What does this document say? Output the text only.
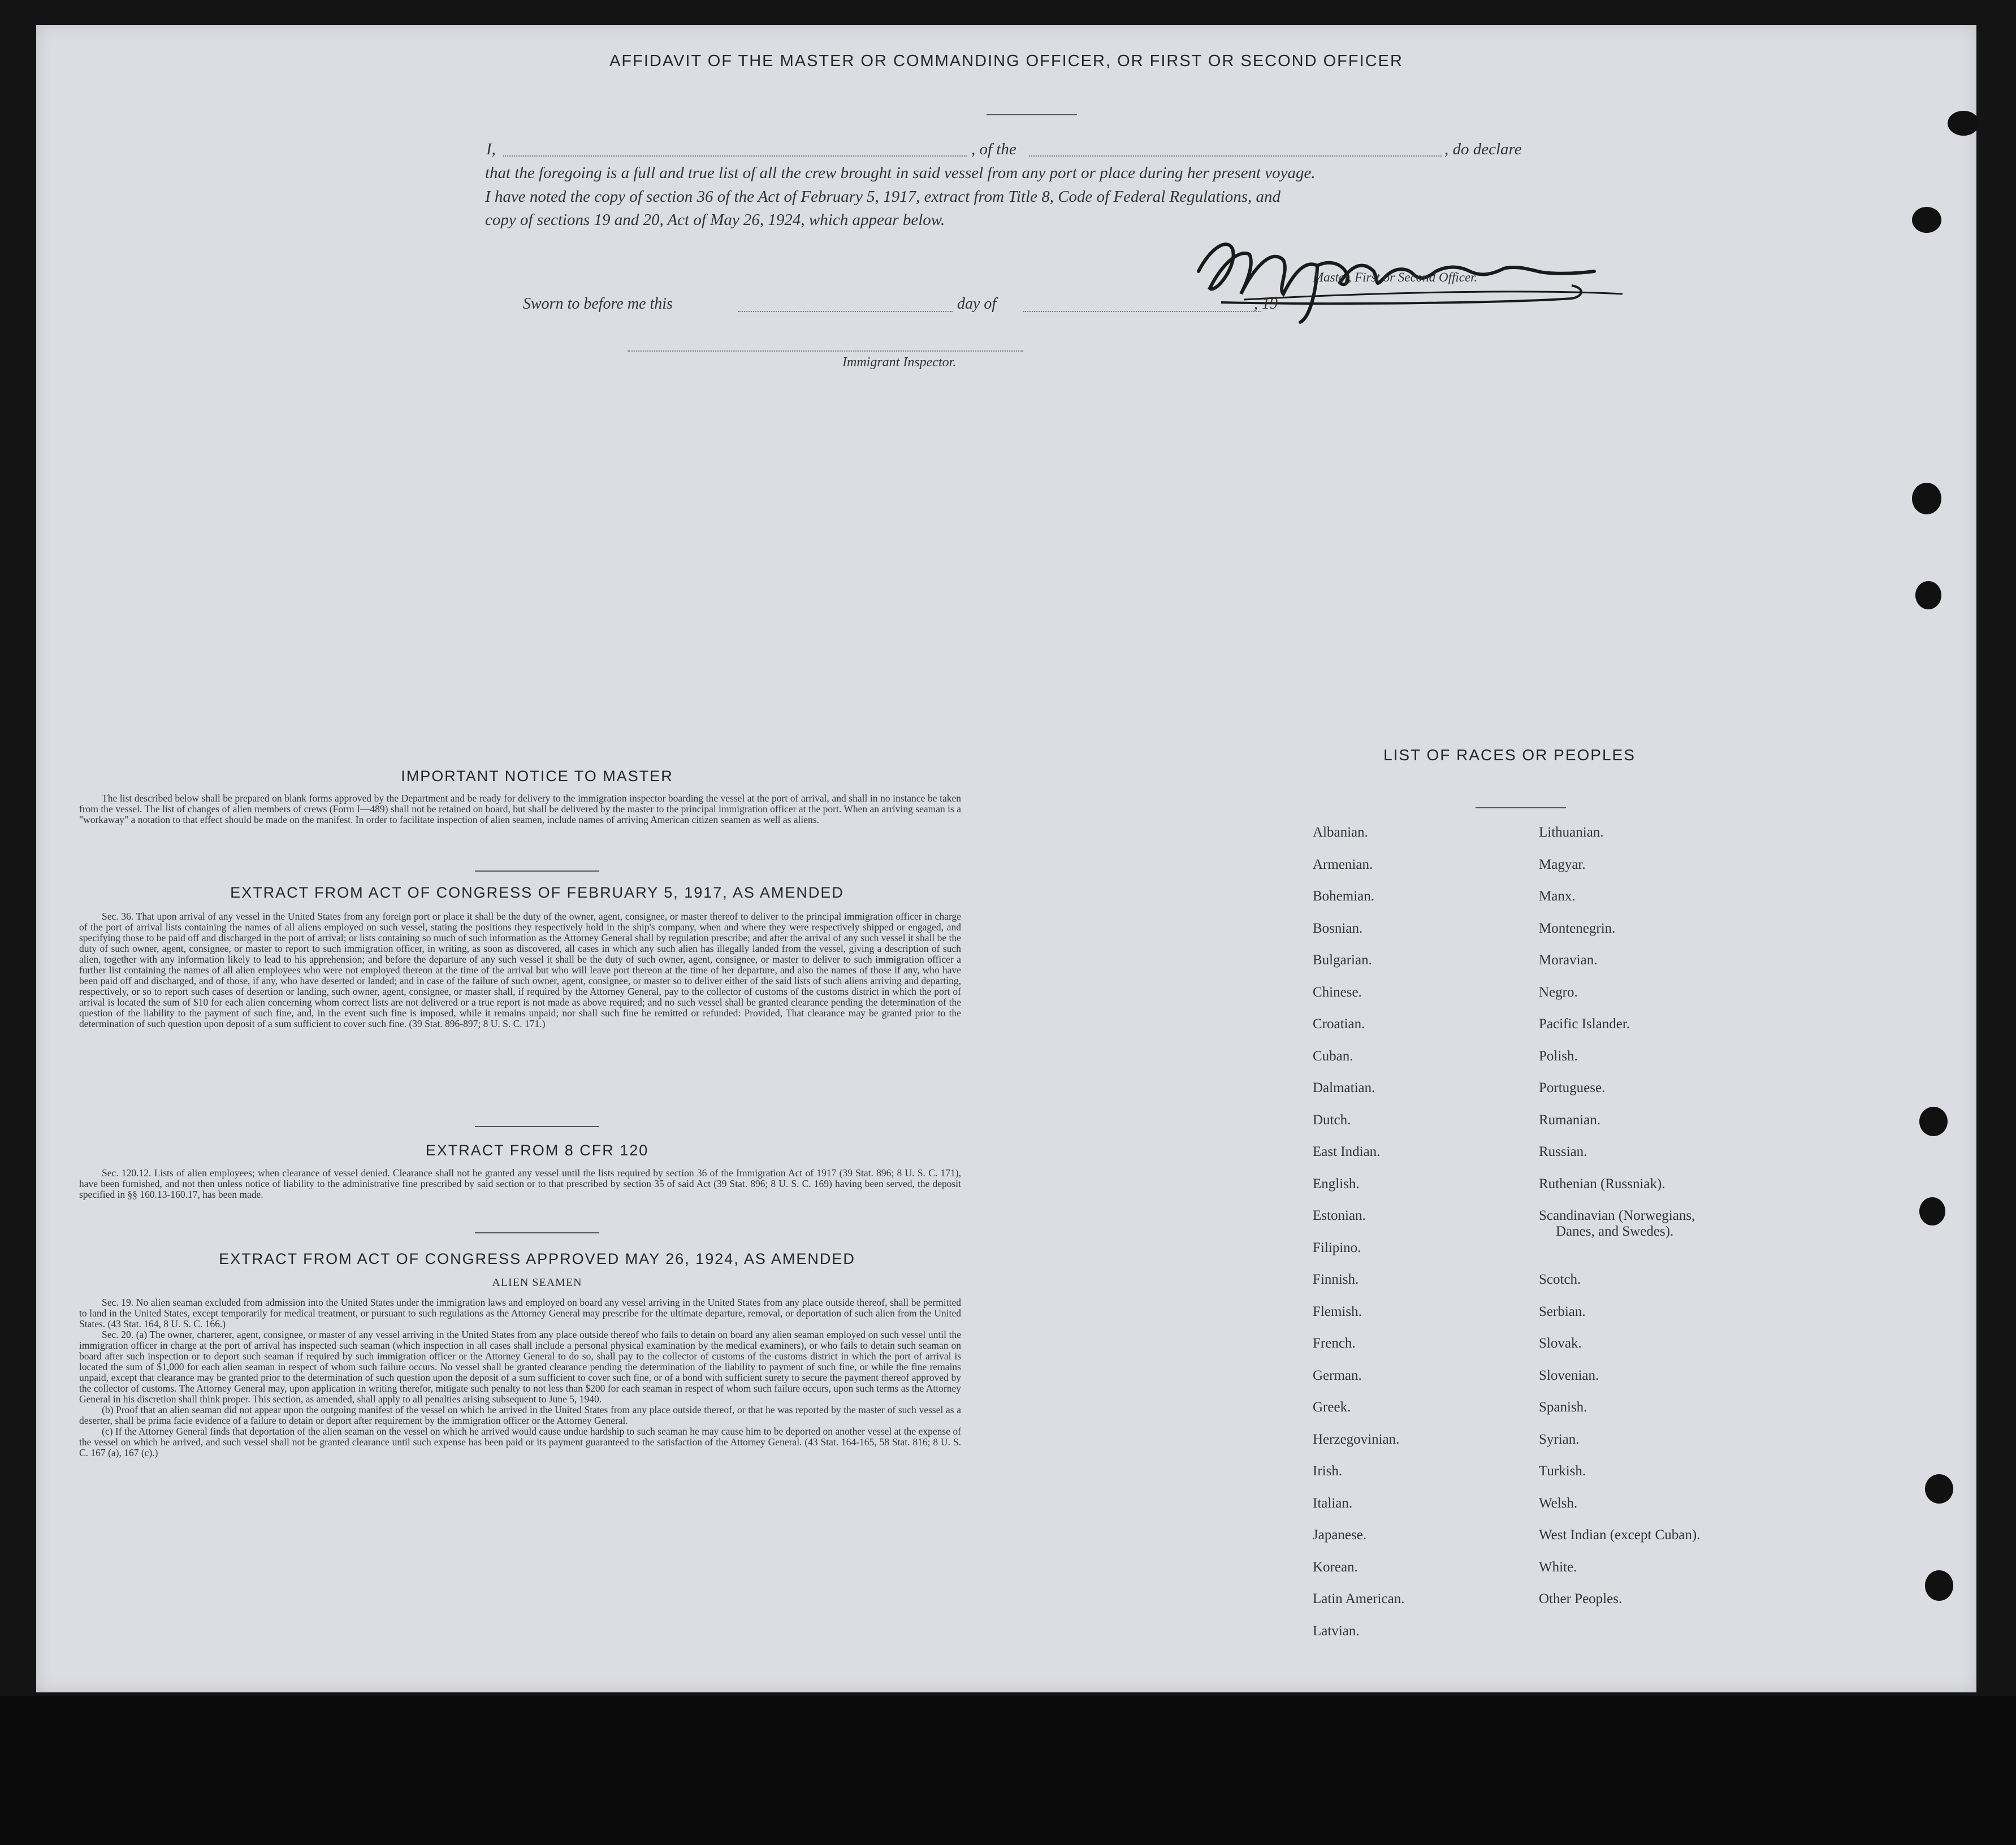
AFFIDAVIT OF THE MASTER OR COMMANDING OFFICER, OR FIRST OR SECOND OFFICER
I,	, of the	, do declare
that the foregoing is a full and true list of all the crew brought in said vessel from any port or place during her present voyage.
I have noted the copy of section 36 of the Act of February 5, 1917, extract from Title 8, Code of Federal Regulations, and
copy of sections 19 and 20, Act of May 26, 1924, which appear below.
Master, First or Second Officer.
Sworn to before me this	day of	, 19
Immigrant Inspector.
IMPORTANT NOTICE TO MASTER

The list described below shall be prepared on blank forms approved by the Department and be ready for delivery to the immigration inspector boarding the vessel at the port of arrival, and shall in no instance be taken from the vessel. The list of changes of alien members of crews (Form I—489) shall not be retained on board, but shall be delivered by the master to the principal immigration officer at the port. When an arriving seaman is a "workaway" a notation to that effect should be made on the manifest. In order to facilitate inspection of alien seamen, include names of arriving American citizen seamen as well as aliens.

EXTRACT FROM ACT OF CONGRESS OF FEBRUARY 5, 1917, AS AMENDED

Sec. 36. That upon arrival of any vessel in the United States from any foreign port or place it shall be the duty of the owner, agent, consignee, or master thereof to deliver to the principal immigration officer in charge of the port of arrival lists containing the names of all aliens employed on such vessel, stating the positions they respectively hold in the ship's company, when and where they were respectively shipped or engaged, and specifying those to be paid off and discharged in the port of arrival; or lists containing so much of such information as the Attorney General shall by regulation prescribe; and after the arrival of any such vessel it shall be the duty of such owner, agent, consignee, or master to report to such immigration officer, in writing, as soon as discovered, all cases in which any such alien has illegally landed from the vessel, giving a description of such alien, together with any information likely to lead to his apprehension; and before the departure of any such vessel it shall be the duty of such owner, agent, consignee, or master to deliver to such immigration officer a further list containing the names of all alien employees who were not employed thereon at the time of the arrival but who will leave port thereon at the time of her departure, and also the names of those if any, who have been paid off and discharged, and of those, if any, who have deserted or landed; and in case of the failure of such owner, agent, consignee, or master so to deliver either of the said lists of such aliens arriving and departing, respectively, or so to report such cases of desertion or landing, such owner, agent, consignee, or master shall, if required by the Attorney General, pay to the collector of customs of the customs district in which the port of arrival is located the sum of $10 for each alien concerning whom correct lists are not delivered or a true report is not made as above required; and no such vessel shall be granted clearance pending the determination of the question of the liability to the payment of such fine, and, in the event such fine is imposed, while it remains unpaid; nor shall such fine be remitted or refunded: Provided, That clearance may be granted prior to the determination of such question upon deposit of a sum sufficient to cover such fine. (39 Stat. 896-897; 8 U. S. C. 171.)

EXTRACT FROM 8 CFR 120

Sec. 120.12. Lists of alien employees; when clearance of vessel denied. Clearance shall not be granted any vessel until the lists required by section 36 of the Immigration Act of 1917 (39 Stat. 896; 8 U. S. C. 171), have been furnished, and not then unless notice of liability to the administrative fine prescribed by said section or to that prescribed by section 35 of said Act (39 Stat. 896; 8 U. S. C. 169) having been served, the deposit specified in §§ 160.13-160.17, has been made.

EXTRACT FROM ACT OF CONGRESS APPROVED MAY 26, 1924, AS AMENDED
ALIEN SEAMEN

Sec. 19. No alien seaman excluded from admission into the United States under the immigration laws and employed on board any vessel arriving in the United States from any place outside thereof, shall be permitted to land in the United States, except temporarily for medical treatment, or pursuant to such regulations as the Attorney General may prescribe for the ultimate departure, removal, or deportation of such alien from the United States. (43 Stat. 164, 8 U. S. C. 166.)

Sec. 20. (a) The owner, charterer, agent, consignee, or master of any vessel arriving in the United States from any place outside thereof who fails to detain on board any alien seaman employed on such vessel until the immigration officer in charge at the port of arrival has inspected such seaman (which inspection in all cases shall include a personal physical examination by the medical examiners), or who fails to detain such seaman on board after such inspection or to deport such seaman if required by such immigration officer or the Attorney General to do so, shall pay to the collector of customs of the customs district in which the port of arrival is located the sum of $1,000 for each alien seaman in respect of whom such failure occurs. No vessel shall be granted clearance pending the determination of the liability to payment of such fine, or while the fine remains unpaid, except that clearance may be granted prior to the determination of such question upon the deposit of a sum sufficient to cover such fine, or of a bond with sufficient surety to secure the payment thereof approved by the collector of customs. The Attorney General may, upon application in writing therefor, mitigate such penalty to not less than $200 for each seaman in respect of whom such failure occurs, upon such terms as the Attorney General in his discretion shall think proper. This section, as amended, shall apply to all penalties arising subsequent to June 5, 1940.

(b) Proof that an alien seaman did not appear upon the outgoing manifest of the vessel on which he arrived in the United States from any place outside thereof, or that he was reported by the master of such vessel as a deserter, shall be prima facie evidence of a failure to detain or deport after requirement by the immigration officer or the Attorney General.

(c) If the Attorney General finds that deportation of the alien seaman on the vessel on which he arrived would cause undue hardship to such seaman he may cause him to be deported on another vessel at the expense of the vessel on which he arrived, and such vessel shall not be granted clearance until such expense has been paid or its payment guaranteed to the satisfaction of the Attorney General. (43 Stat. 164-165, 58 Stat. 816; 8 U. S. C. 167 (a), 167 (c).)

LIST OF RACES OR PEOPLES
Albanian.
Armenian.
Bohemian.
Bosnian.
Bulgarian.
Chinese.
Croatian.
Cuban.
Dalmatian.
Dutch.
East Indian.
English.
Estonian.
Filipino.
Finnish.
Flemish.
French.
German.
Greek.
Herzegovinian.
Irish.
Italian.
Japanese.
Korean.
Latin American.
Latvian.
Lithuanian.
Magyar.
Manx.
Montenegrin.
Moravian.
Negro.
Pacific Islander.
Polish.
Portuguese.
Rumanian.
Russian.
Ruthenian (Russniak).
Scandinavian (Norwegians,
Danes, and Swedes).
Scotch.
Serbian.
Slovak.
Slovenian.
Spanish.
Syrian.
Turkish.
Welsh.
West Indian (except Cuban).
White.
Other Peoples.
